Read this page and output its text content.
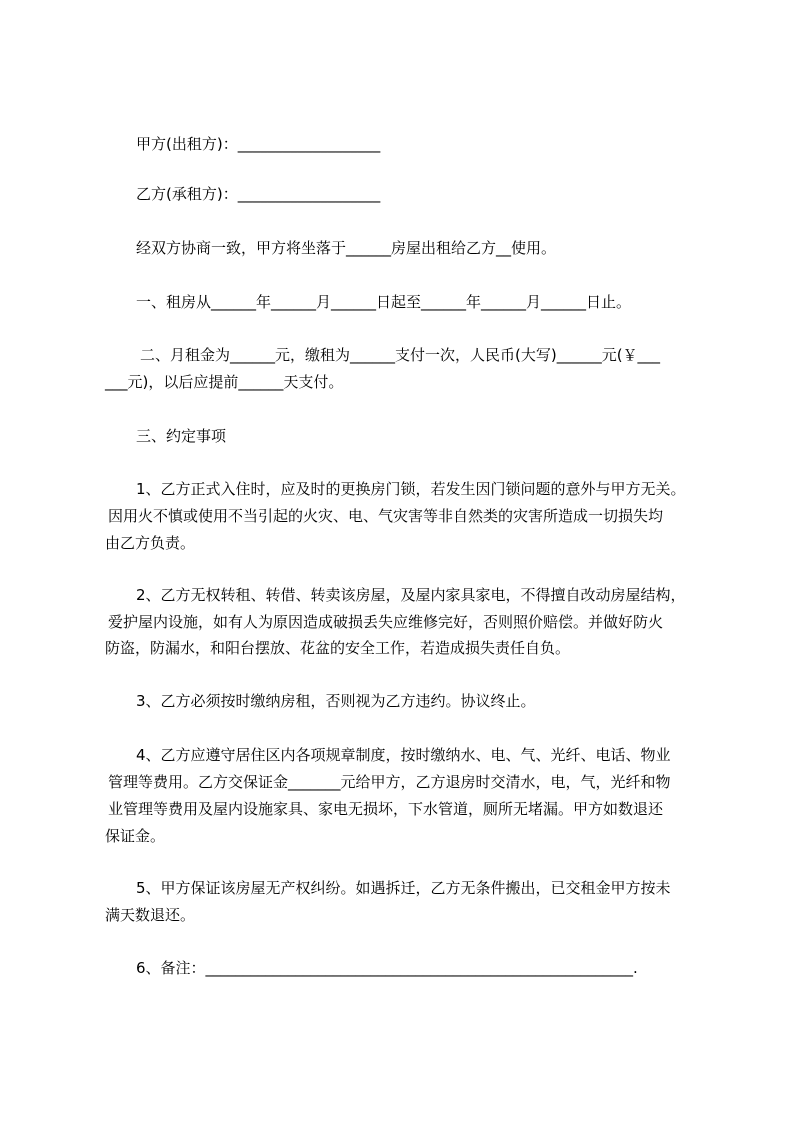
甲方(出租方)：___________________

乙方(承租方)：___________________

经双方协商一致，甲方将坐落于______房屋出租给乙方__使用。

一、租房从______年______月______日起至______年______月______日止。

二、月租金为______元，缴租为______支付一次，人民币(大写)______元(￥___

___元)，以后应提前______天支付。

三、约定事项

1、乙方正式入住时，应及时的更换房门锁，若发生因门锁问题的意外与甲方无关。

因用火不慎或使用不当引起的火灾、电、气灾害等非自然类的灾害所造成一切损失均

由乙方负责。

2、乙方无权转租、转借、转卖该房屋，及屋内家具家电，不得擅自改动房屋结构，

爱护屋内设施，如有人为原因造成破损丢失应维修完好，否则照价赔偿。并做好防火

防盗，防漏水，和阳台摆放、花盆的安全工作，若造成损失责任自负。

3、乙方必须按时缴纳房租，否则视为乙方违约。协议终止。

4、乙方应遵守居住区内各项规章制度，按时缴纳水、电、气、光纤、电话、物业

管理等费用。乙方交保证金_______元给甲方，乙方退房时交清水，电，气，光纤和物

业管理等费用及屋内设施家具、家电无损坏，下水管道，厕所无堵漏。甲方如数退还

保证金。

5、甲方保证该房屋无产权纠纷。如遇拆迁，乙方无条件搬出，已交租金甲方按未

满天数退还。

6、备注：_________________________________________________________.
